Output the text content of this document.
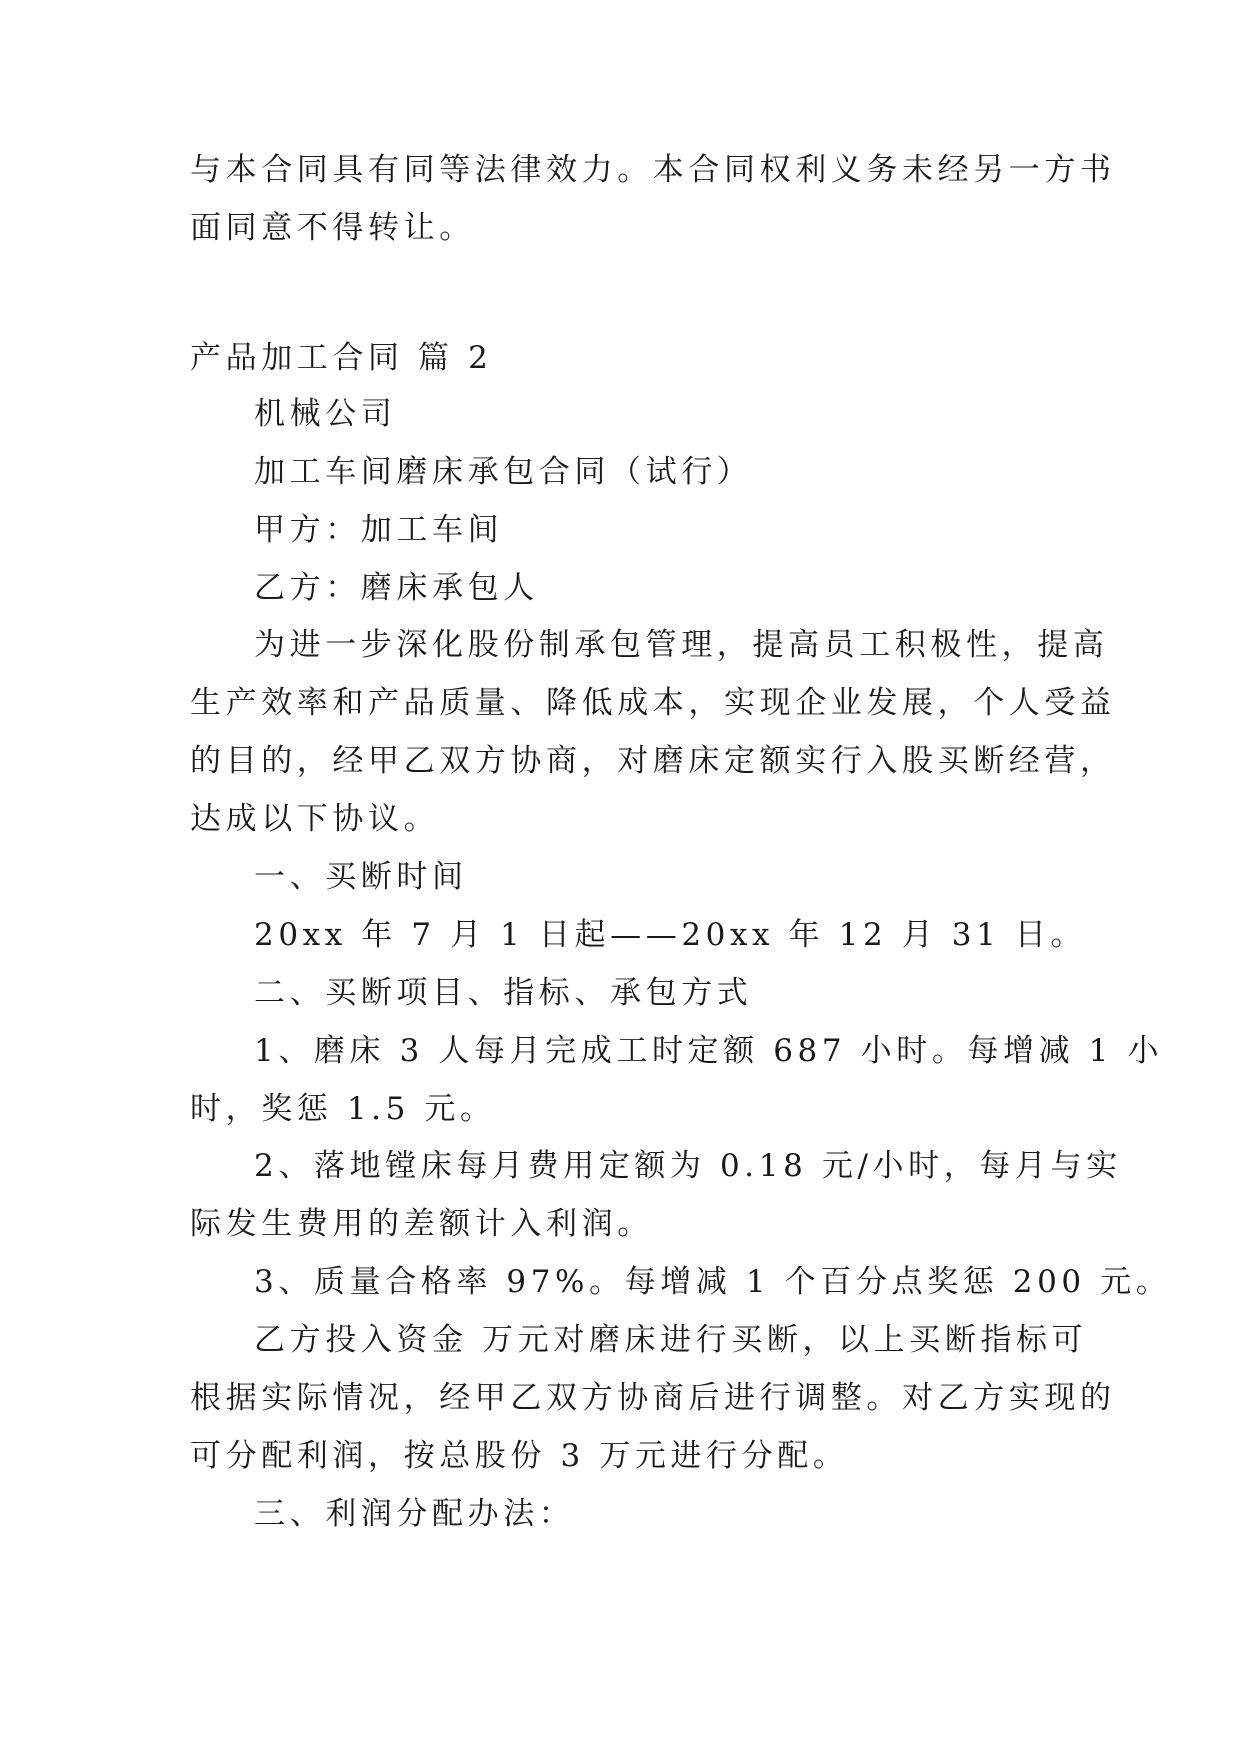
与本合同具有同等法律效力。本合同权利义务未经另一方书
面同意不得转让。
产品加工合同 篇 2
机械公司
加工车间磨床承包合同（试行）
甲方：加工车间
乙方：磨床承包人
为进一步深化股份制承包管理，提高员工积极性，提高
生产效率和产品质量、降低成本，实现企业发展，个人受益
的目的，经甲乙双方协商，对磨床定额实行入股买断经营，
达成以下协议。
一、买断时间
20xx 年 7 月 1 日起——20xx 年 12 月 31 日。
二、买断项目、指标、承包方式
1、磨床 3 人每月完成工时定额 687 小时。每增减 1 小
时，奖惩 1.5 元。
2、落地镗床每月费用定额为 0.18 元/小时，每月与实
际发生费用的差额计入利润。
3、质量合格率 97%。每增减 1 个百分点奖惩 200 元。
乙方投入资金 万元对磨床进行买断，以上买断指标可
根据实际情况，经甲乙双方协商后进行调整。对乙方实现的
可分配利润，按总股份 3 万元进行分配。
三、利润分配办法：
